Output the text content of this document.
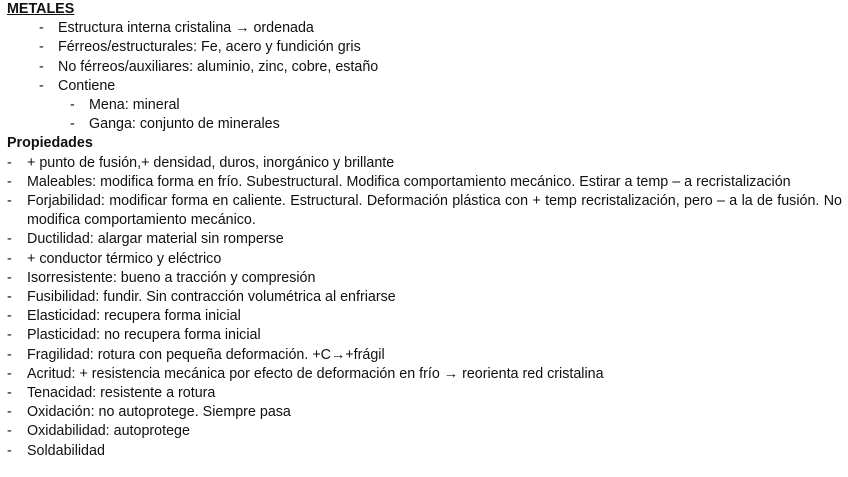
METALES
- Estructura interna cristalina → ordenada
- Férreos/estructurales: Fe, acero y fundición gris
- No férreos/auxiliares: aluminio, zinc, cobre, estaño
- Contiene
- Mena: mineral
- Ganga: conjunto de minerales
Propiedades
- + punto de fusión,+ densidad, duros, inorgánico y brillante
- Maleables: modifica forma en frío. Subestructural. Modifica comportamiento mecánico. Estirar a temp – a recristalización
- Forjabilidad: modificar forma en caliente. Estructural. Deformación plástica con + temp recristalización, pero – a la de fusión. No modifica comportamiento mecánico.
- Ductilidad: alargar material sin romperse
- + conductor térmico y eléctrico
- Isorresistente: bueno a tracción y compresión
- Fusibilidad: fundir. Sin contracción volumétrica al enfriarse
- Elasticidad: recupera forma inicial
- Plasticidad: no recupera forma inicial
- Fragilidad: rotura con pequeña deformación. +C→+frágil
- Acritud: + resistencia mecánica por efecto de deformación en frío → reorienta red cristalina
- Tenacidad: resistente a rotura
- Oxidación: no autoprotege. Siempre pasa
- Oxidabilidad: autoprotege
- Soldabilidad
